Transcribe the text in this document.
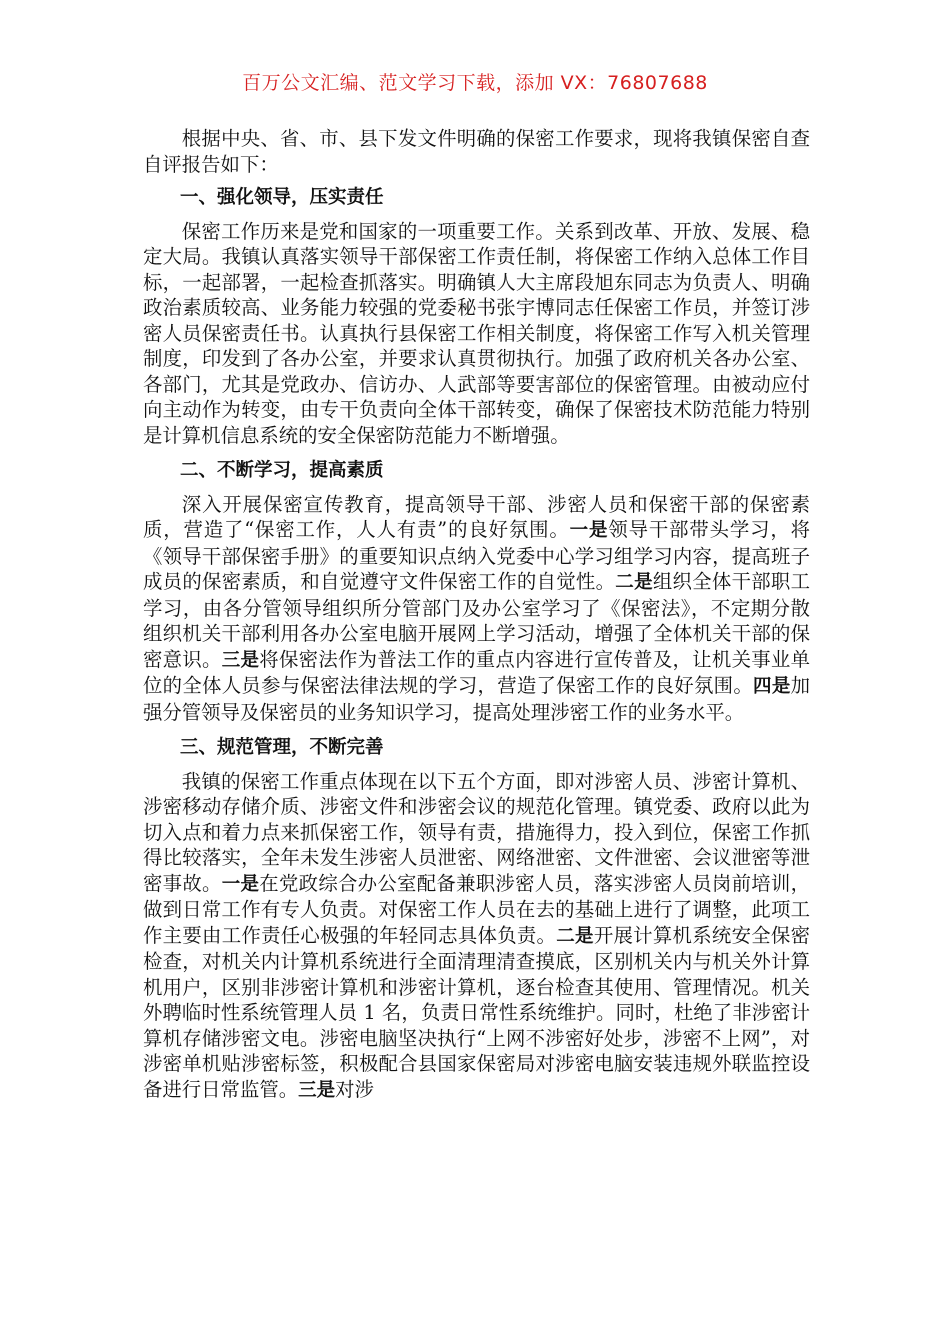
百万公文汇编、范文学习下载，添加 VX：76807688

根据中央、省、市、县下发文件明确的保密工作要求，现将我镇保密自查自评报告如下：

一、强化领导，压实责任

保密工作历来是党和国家的一项重要工作。关系到改革、开放、发展、稳定大局。我镇认真落实领导干部保密工作责任制，将保密工作纳入总体工作目标，一起部署，一起检查抓落实。明确镇人大主席段旭东同志为负责人、明确政治素质较高、业务能力较强的党委秘书张宇博同志任保密工作员，并签订涉密人员保密责任书。认真执行县保密工作相关制度，将保密工作写入机关管理制度，印发到了各办公室，并要求认真贯彻执行。加强了政府机关各办公室、各部门，尤其是党政办、信访办、人武部等要害部位的保密管理。由被动应付向主动作为转变，由专干负责向全体干部转变，确保了保密技术防范能力特别是计算机信息系统的安全保密防范能力不断增强。

二、不断学习，提高素质

深入开展保密宣传教育，提高领导干部、涉密人员和保密干部的保密素质，营造了“保密工作，人人有责”的良好氛围。一是领导干部带头学习，将《领导干部保密手册》的重要知识点纳入党委中心学习组学习内容，提高班子成员的保密素质，和自觉遵守文件保密工作的自觉性。二是组织全体干部职工学习，由各分管领导组织所分管部门及办公室学习了《保密法》，不定期分散组织机关干部利用各办公室电脑开展网上学习活动，增强了全体机关干部的保密意识。三是将保密法作为普法工作的重点内容进行宣传普及，让机关事业单位的全体人员参与保密法律法规的学习，营造了保密工作的良好氛围。四是加强分管领导及保密员的业务知识学习，提高处理涉密工作的业务水平。

三、规范管理，不断完善

我镇的保密工作重点体现在以下五个方面，即对涉密人员、涉密计算机、涉密移动存储介质、涉密文件和涉密会议的规范化管理。镇党委、政府以此为切入点和着力点来抓保密工作，领导有责，措施得力，投入到位，保密工作抓得比较落实，全年未发生涉密人员泄密、网络泄密、文件泄密、会议泄密等泄密事故。一是在党政综合办公室配备兼职涉密人员，落实涉密人员岗前培训，做到日常工作有专人负责。对保密工作人员在去的基础上进行了调整，此项工作主要由工作责任心极强的年轻同志具体负责。二是开展计算机系统安全保密检查，对机关内计算机系统进行全面清理清查摸底，区别机关内与机关外计算机用户，区别非涉密计算机和涉密计算机，逐台检查其使用、管理情况。机关外聘临时性系统管理人员 1 名，负责日常性系统维护。同时，杜绝了非涉密计算机存储涉密文电。涉密电脑坚决执行“上网不涉密好处步，涉密不上网”，对涉密单机贴涉密标签，积极配合县国家保密局对涉密电脑安装违规外联监控设备进行日常监管。三是对涉
